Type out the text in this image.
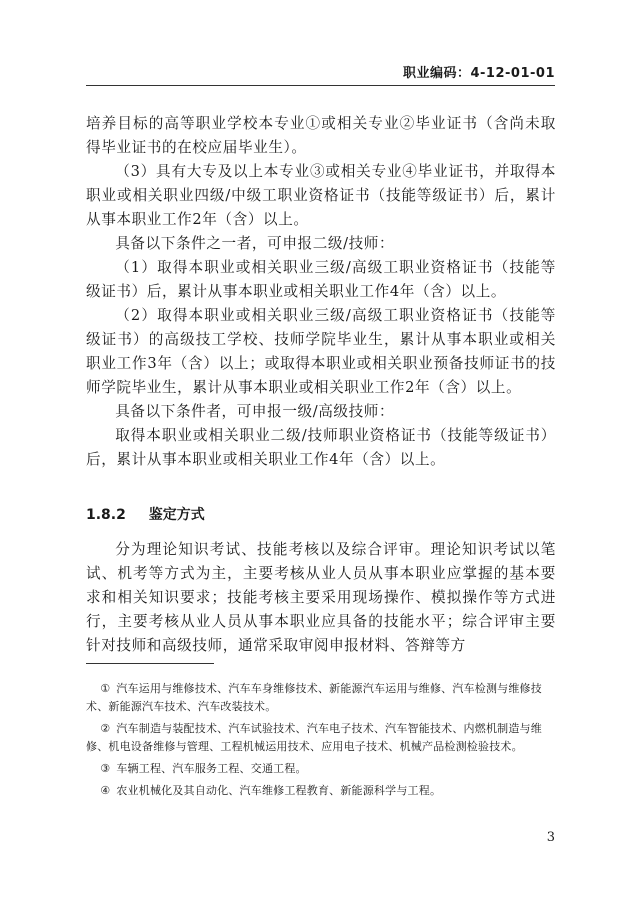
职业编码：4-12-01-01

培养目标的高等职业学校本专业①或相关专业②毕业证书（含尚未取得毕业证书的在校应届毕业生）。

（3）具有大专及以上本专业③或相关专业④毕业证书，并取得本职业或相关职业四级/中级工职业资格证书（技能等级证书）后，累计从事本职业工作2年（含）以上。

具备以下条件之一者，可申报二级/技师：

（1）取得本职业或相关职业三级/高级工职业资格证书（技能等级证书）后，累计从事本职业或相关职业工作4年（含）以上。

（2）取得本职业或相关职业三级/高级工职业资格证书（技能等级证书）的高级技工学校、技师学院毕业生，累计从事本职业或相关职业工作3年（含）以上；或取得本职业或相关职业预备技师证书的技师学院毕业生，累计从事本职业或相关职业工作2年（含）以上。

具备以下条件者，可申报一级/高级技师：

取得本职业或相关职业二级/技师职业资格证书（技能等级证书）后，累计从事本职业或相关职业工作4年（含）以上。

1.8.2 鉴定方式

分为理论知识考试、技能考核以及综合评审。理论知识考试以笔试、机考等方式为主，主要考核从业人员从事本职业应掌握的基本要求和相关知识要求；技能考核主要采用现场操作、模拟操作等方式进行，主要考核从业人员从事本职业应具备的技能水平；综合评审主要针对技师和高级技师，通常采取审阅申报材料、答辩等方

① 汽车运用与维修技术、汽车车身维修技术、新能源汽车运用与维修、汽车检测与维修技术、新能源汽车技术、汽车改装技术。

② 汽车制造与装配技术、汽车试验技术、汽车电子技术、汽车智能技术、内燃机制造与维修、机电设备维修与管理、工程机械运用技术、应用电子技术、机械产品检测检验技术。

③ 车辆工程、汽车服务工程、交通工程。

④ 农业机械化及其自动化、汽车维修工程教育、新能源科学与工程。

3
